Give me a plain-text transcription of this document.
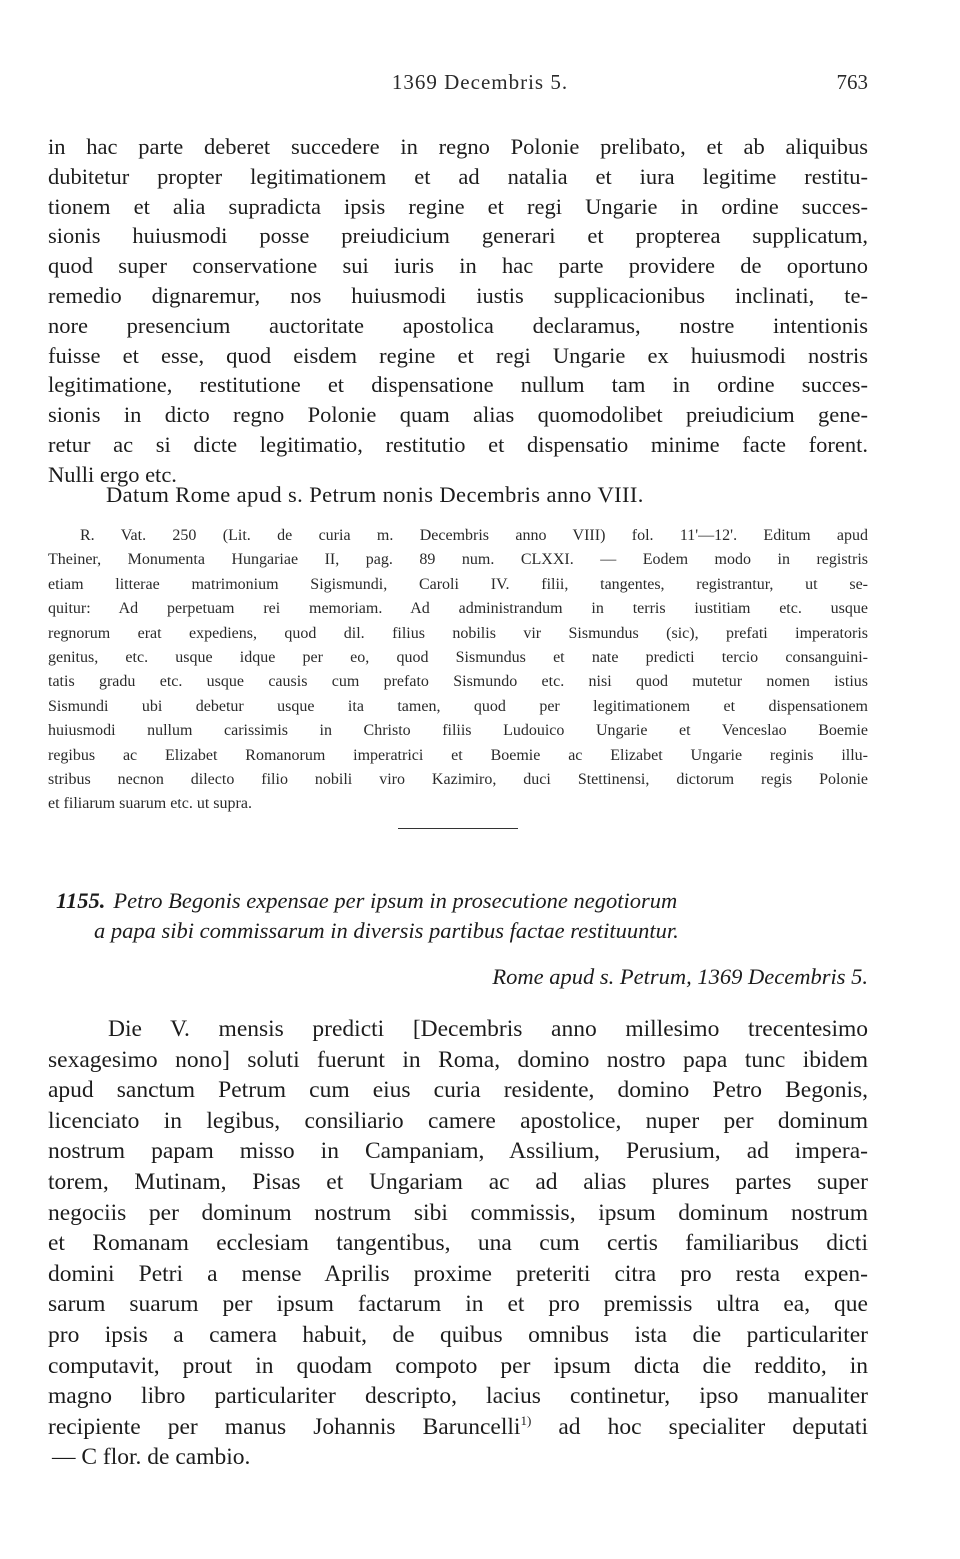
1369 Decembris 5.	763
in hac parte deberet succedere in regno Polonie prelibato, et ab aliquibus
dubitetur propter legitimationem et ad natalia et iura legitime restitu-
tionem et alia supradicta ipsis regine et regi Ungarie in ordine succes-
sionis huiusmodi posse preiudicium generari et propterea supplicatum,
quod super conservatione sui iuris in hac parte providere de oportuno
remedio dignaremur, nos huiusmodi iustis supplicacionibus inclinati, te-
nore presencium auctoritate apostolica declaramus, nostre intentionis
fuisse et esse, quod eisdem regine et regi Ungarie ex huiusmodi nostris
legitimatione, restitutione et dispensatione nullum tam in ordine succes-
sionis in dicto regno Polonie quam alias quomodolibet preiudicium gene-
retur ac si dicte legitimatio, restitutio et dispensatio minime facte forent.
Nulli ergo etc.
Datum Rome apud s. Petrum nonis Decembris anno VIII.
R. Vat. 250 (Lit. de curia m. Decembris anno VIII) fol. 11'—12'. Editum apud
Theiner, Monumenta Hungariae II, pag. 89 num. CLXXI. — Eodem modo in registris
etiam litterae matrimonium Sigismundi, Caroli IV. filii, tangentes, registrantur, ut se-
quitur: Ad perpetuam rei memoriam. Ad administrandum in terris iustitiam etc. usque
regnorum erat expediens, quod dil. filius nobilis vir Sismundus (sic), prefati imperatoris
genitus, etc. usque idque per eo, quod Sismundus et nate predicti tercio consanguini-
tatis gradu etc. usque causis cum prefato Sismundo etc. nisi quod mutetur nomen istius
Sismundi ubi debetur usque ita tamen, quod per legitimationem et dispensationem
huiusmodi nullum carissimis in Christo filiis Ludouico Ungarie et Venceslao Boemie
regibus ac Elizabet Romanorum imperatrici et Boemie ac Elizabet Ungarie reginis illu-
stribus necnon dilecto filio nobili viro Kazimiro, duci Stettinensi, dictorum regis Polonie
et filiarum suarum etc. ut supra.
1155. Petro Begonis expensae per ipsum in prosecutione negotiorum
a papa sibi commissarum in diversis partibus factae restituuntur.
Rome apud s. Petrum, 1369 Decembris 5.
Die V. mensis predicti [Decembris anno millesimo trecentesimo
sexagesimo nono] soluti fuerunt in Roma, domino nostro papa tunc ibidem
apud sanctum Petrum cum eius curia residente, domino Petro Begonis,
licenciato in legibus, consiliario camere apostolice, nuper per dominum
nostrum papam misso in Campaniam, Assilium, Perusium, ad impera-
torem, Mutinam, Pisas et Ungariam ac ad alias plures partes super
negociis per dominum nostrum sibi commissis, ipsum dominum nostrum
et Romanam ecclesiam tangentibus, una cum certis familiaribus dicti
domini Petri a mense Aprilis proxime preteriti citra pro resta expen-
sarum suarum per ipsum factarum in et pro premissis ultra ea, que
pro ipsis a camera habuit, de quibus omnibus ista die particulariter
computavit, prout in quodam compoto per ipsum dicta die reddito, in
magno libro particulariter descripto, lacius continetur, ipso manualiter
recipiente per manus Johannis Baruncelli$^{1)}$ ad hoc specialiter deputati
— C flor. de cambio.
